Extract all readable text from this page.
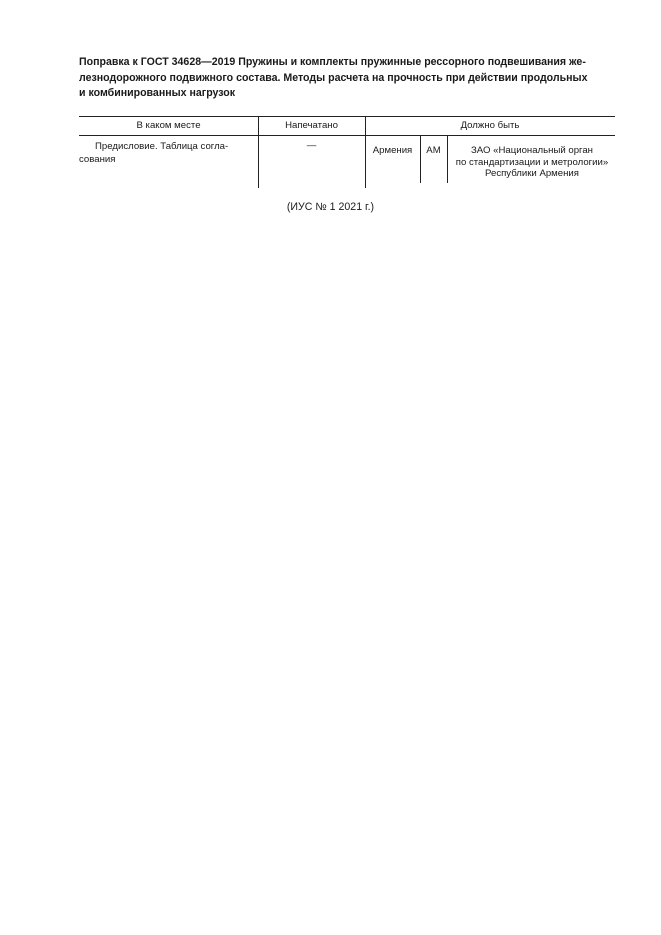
Поправка к ГОСТ 34628—2019 Пружины и комплекты пружинные рессорного подвешивания же-
лезнодорожного подвижного состава. Методы расчета на прочность при действии продольных
и комбинированных нагрузок

В каком месте	Напечатано	Должно быть
Предисловие. Таблица согла-
сования
—	Армения	AM	ЗАО «Национальный орган
по стандартизации и метрологии»
Республики Армения
(ИУС № 1 2021 г.)
